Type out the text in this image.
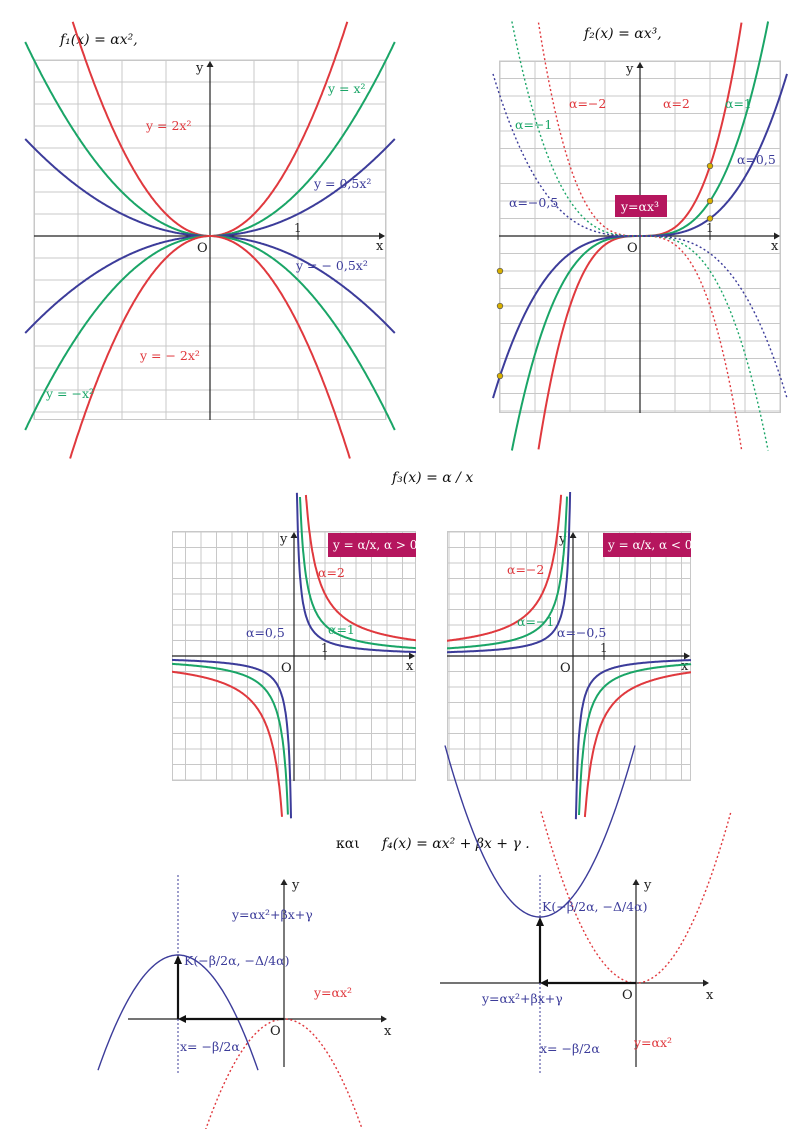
f₁(x) = αx²,	f₂(x) = αx³,
f₃(x) = α / x
και f₄(x) = αx² + βx + γ .
x
y
O
1
y = 2x²
y = x²
y = 0,5x²
y = − 0,5x²
y = −x²
y = − 2x²
x
y
O
1
α=2	α=1
α=0,5
α=−2
α=−1
α=−0,5	y=αx³
x
y
O
1
α=2
α=1
α=0,5
y = α/x, α > 0
x
y
O
1
α=−2
α=−1
α=−0,5
y = α/x, α < 0
x
y
O
y=αx²+βx+γ
y=αx²
K(−β/2α, −Δ/4α)
x= −β/2α
x
y
O
y=αx²+βx+γ
y=αx²
K(−β/2α, −Δ/4α)
x= −β/2α
